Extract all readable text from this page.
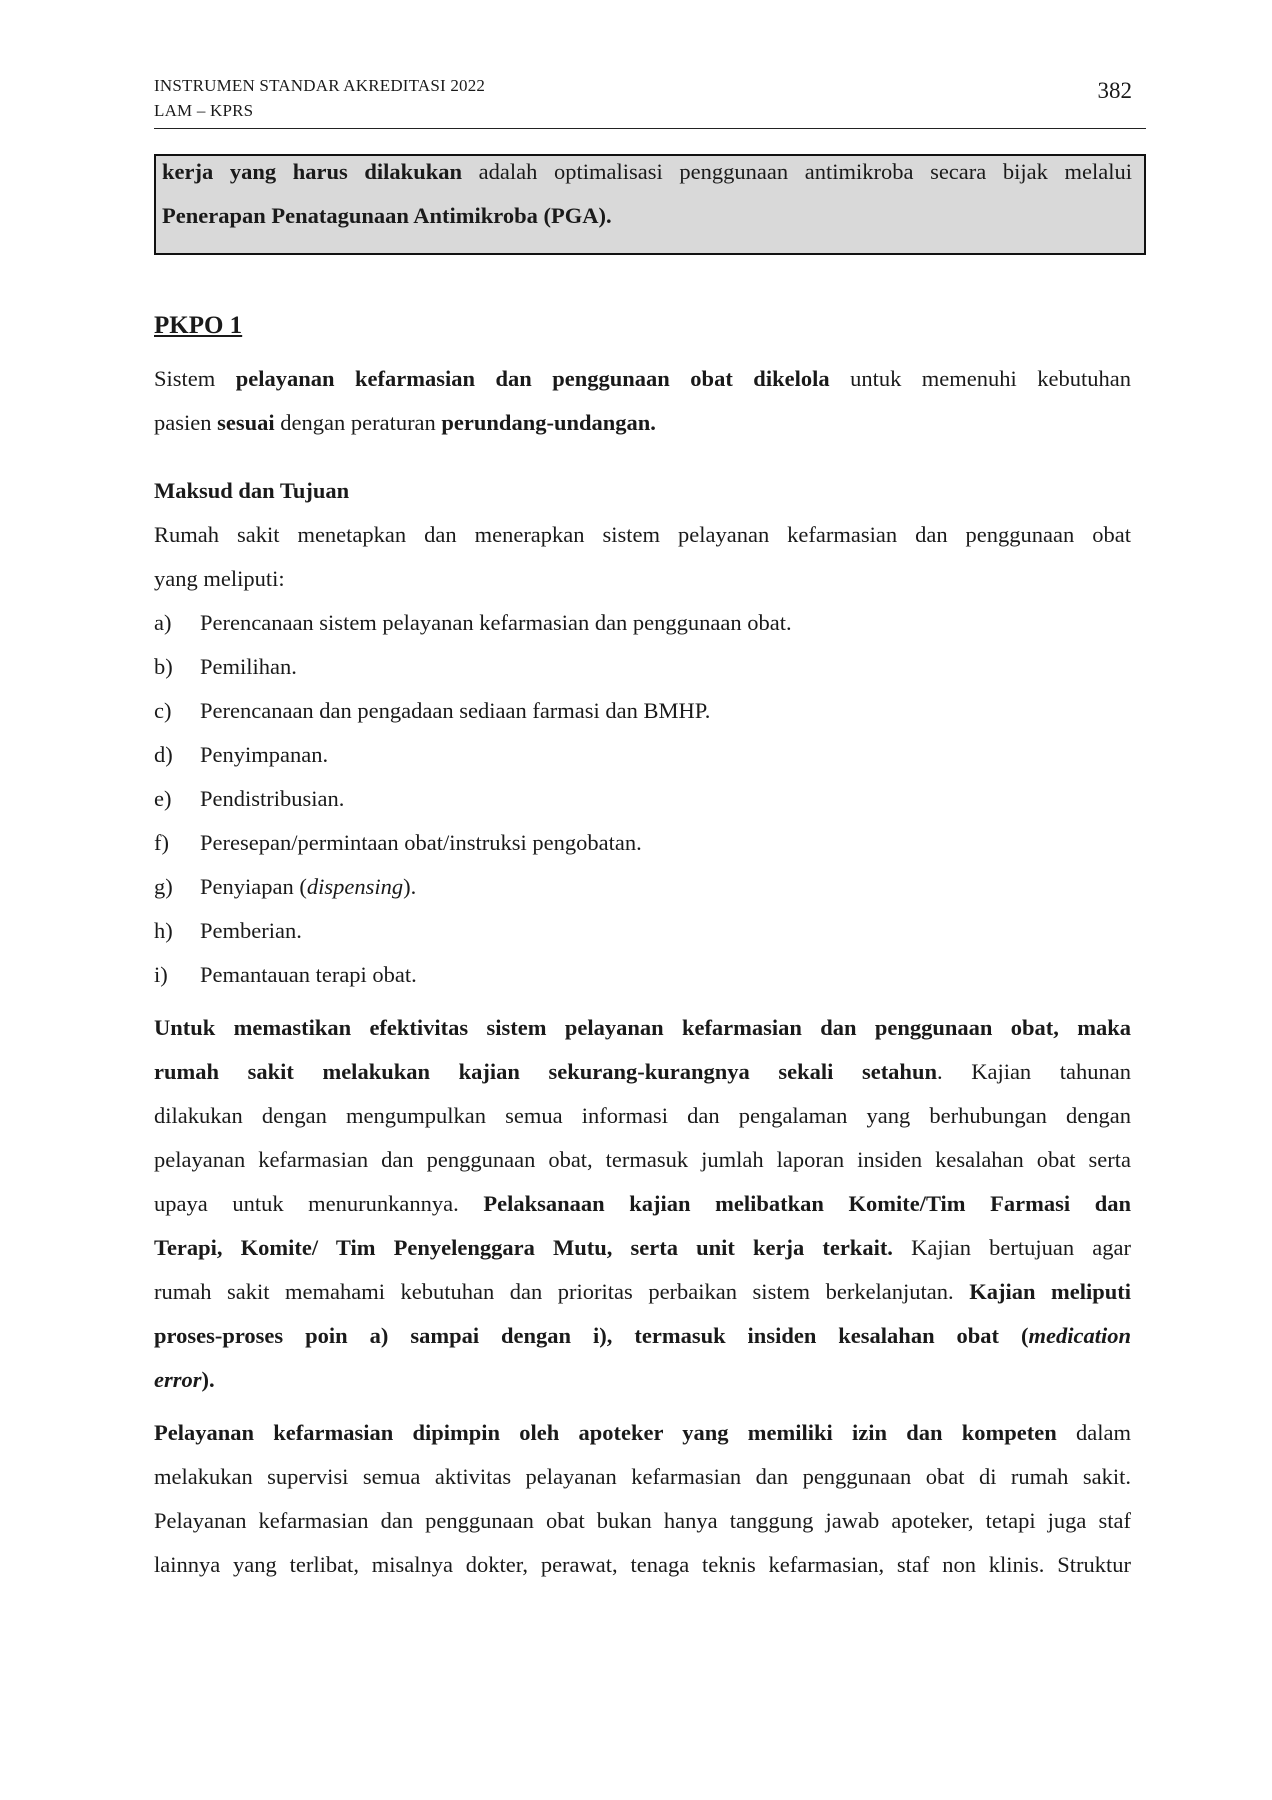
INSTRUMEN STANDAR AKREDITASI 2022
LAM – KPRS
382
PKPO 1
Maksud dan Tujuan
kerja yang harus dilakukan adalah optimalisasi penggunaan antimikroba secara bijak melalui
Penerapan Penatagunaan Antimikroba (PGA).
Sistem pelayanan kefarmasian dan penggunaan obat dikelola untuk memenuhi kebutuhan
pasien sesuai dengan peraturan perundang-undangan.
Rumah sakit menetapkan dan menerapkan sistem pelayanan kefarmasian dan penggunaan obat
yang meliputi:
a) Perencanaan sistem pelayanan kefarmasian dan penggunaan obat.
b) Pemilihan.
c) Perencanaan dan pengadaan sediaan farmasi dan BMHP.
d) Penyimpanan.
e) Pendistribusian.
f) Peresepan/permintaan obat/instruksi pengobatan.
g) Penyiapan (dispensing).
h) Pemberian.
i) Pemantauan terapi obat.
Untuk memastikan efektivitas sistem pelayanan kefarmasian dan penggunaan obat, maka
rumah sakit melakukan kajian sekurang-kurangnya sekali setahun. Kajian tahunan
dilakukan dengan mengumpulkan semua informasi dan pengalaman yang berhubungan dengan
pelayanan kefarmasian dan penggunaan obat, termasuk jumlah laporan insiden kesalahan obat serta
upaya untuk menurunkannya. Pelaksanaan kajian melibatkan Komite/Tim Farmasi dan
Terapi, Komite/ Tim Penyelenggara Mutu, serta unit kerja terkait. Kajian bertujuan agar
rumah sakit memahami kebutuhan dan prioritas perbaikan sistem berkelanjutan. Kajian meliputi
proses-proses poin a) sampai dengan i), termasuk insiden kesalahan obat (medication
error).
Pelayanan kefarmasian dipimpin oleh apoteker yang memiliki izin dan kompeten dalam
melakukan supervisi semua aktivitas pelayanan kefarmasian dan penggunaan obat di rumah sakit.
Pelayanan kefarmasian dan penggunaan obat bukan hanya tanggung jawab apoteker, tetapi juga staf
lainnya yang terlibat, misalnya dokter, perawat, tenaga teknis kefarmasian, staf non klinis. Struktur
